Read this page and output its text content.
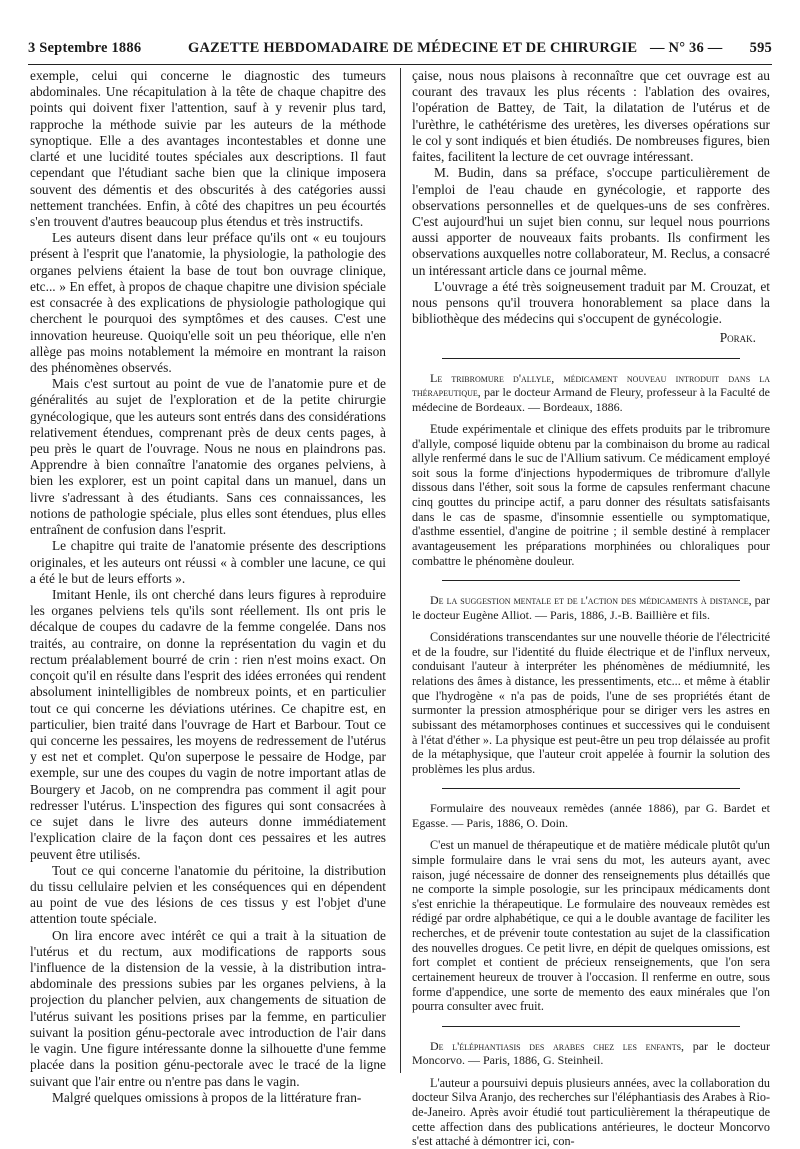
3 Septembre 1886	GAZETTE HEBDOMADAIRE DE MÉDECINE ET DE CHIRURGIE — N° 36 — 595

exemple, celui qui concerne le diagnostic des tumeurs abdominales. Une récapitulation à la tête de chaque chapitre des points qui doivent fixer l'attention, sauf à y revenir plus tard, rapproche la méthode suivie par les auteurs de la méthode synoptique. Elle a des avantages incontestables et donne une clarté et une lucidité toutes spéciales aux descriptions. Il faut cependant que l'étudiant sache bien que la clinique imposera souvent des démentis et des obscurités à des catégories aussi nettement tranchées. Enfin, à côté des chapitres un peu écourtés s'en trouvent d'autres beaucoup plus étendus et très instructifs.

Les auteurs disent dans leur préface qu'ils ont « eu toujours présent à l'esprit que l'anatomie, la physiologie, la pathologie des organes pelviens étaient la base de tout bon ouvrage clinique, etc... » En effet, à propos de chaque chapitre une division spéciale est consacrée à des explications de physiologie pathologique qui cherchent le pourquoi des symptômes et des causes. C'est une innovation heureuse. Quoiqu'elle soit un peu théorique, elle n'en allège pas moins notablement la mémoire en montrant la raison des phénomènes observés.

Mais c'est surtout au point de vue de l'anatomie pure et de généralités au sujet de l'exploration et de la petite chirurgie gynécologique, que les auteurs sont entrés dans des considérations relativement étendues, comprenant près de deux cents pages, à peu près le quart de l'ouvrage. Nous ne nous en plaindrons pas. Apprendre à bien connaître l'anatomie des organes pelviens, à bien les explorer, est un point capital dans un manuel, dans un livre s'adressant à des étudiants. Sans ces connaissances, les notions de pathologie spéciale, plus elles sont étendues, plus elles entraînent de confusion dans l'esprit.

Le chapitre qui traite de l'anatomie présente des descriptions originales, et les auteurs ont réussi « à combler une lacune, ce qui a été le but de leurs efforts ».

Imitant Henle, ils ont cherché dans leurs figures à reproduire les organes pelviens tels qu'ils sont réellement. Ils ont pris le décalque de coupes du cadavre de la femme congelée. Dans nos traités, au contraire, on donne la représentation du vagin et du rectum préalablement bourré de crin : rien n'est moins exact. On conçoit qu'il en résulte dans l'esprit des idées erronées qui rendent absolument inintelligibles de nombreux points, et en particulier tout ce qui concerne les déviations utérines. Ce chapitre est, en particulier, bien traité dans l'ouvrage de Hart et Barbour. Tout ce qui concerne les pessaires, les moyens de redressement de l'utérus y est net et complet. Qu'on superpose le pessaire de Hodge, par exemple, sur une des coupes du vagin de notre important atlas de Bourgery et Jacob, on ne comprendra pas comment il agit pour redresser l'utérus. L'inspection des figures qui sont consacrées à ce sujet dans le livre des auteurs donne immédiatement l'explication claire de la façon dont ces pessaires et les autres peuvent être utilisés.

Tout ce qui concerne l'anatomie du péritoine, la distribution du tissu cellulaire pelvien et les conséquences qui en dépendent au point de vue des lésions de ces tissus y est l'objet d'une attention toute spéciale.

On lira encore avec intérêt ce qui a trait à la situation de l'utérus et du rectum, aux modifications de rapports sous l'influence de la distension de la vessie, à la distribution intra-abdominale des pressions subies par les organes pelviens, à la projection du plancher pelvien, aux changements de situation de l'utérus suivant les positions prises par la femme, en particulier suivant la position génu-pectorale avec introduction de l'air dans le vagin. Une figure intéressante donne la silhouette d'une femme placée dans la position génu-pectorale avec le tracé de la ligne suivant que l'air entre ou n'entre pas dans le vagin.

Malgré quelques omissions à propos de la littérature fran-

çaise, nous nous plaisons à reconnaître que cet ouvrage est au courant des travaux les plus récents : l'ablation des ovaires, l'opération de Battey, de Tait, la dilatation de l'utérus et de l'urèthre, le cathétérisme des uretères, les diverses opérations sur le col y sont indiqués et bien étudiés. De nombreuses figures, bien faites, facilitent la lecture de cet ouvrage intéressant.

M. Budin, dans sa préface, s'occupe particulièrement de l'emploi de l'eau chaude en gynécologie, et rapporte des observations personnelles et de quelques-uns de ses confrères. C'est aujourd'hui un sujet bien connu, sur lequel nous pourrions aussi apporter de nouveaux faits probants. Ils confirment les observations auxquelles notre collaborateur, M. Reclus, a consacré un intéressant article dans ce journal même.

L'ouvrage a été très soigneusement traduit par M. Crouzat, et nous pensons qu'il trouvera honorablement sa place dans la bibliothèque des médecins qui s'occupent de gynécologie.

Porak.

Le tribromure d'allyle, médicament nouveau introduit dans la thérapeutique, par le docteur Armand de Fleury, professeur à la Faculté de médecine de Bordeaux. — Bordeaux, 1886.

Etude expérimentale et clinique des effets produits par le tribromure d'allyle, composé liquide obtenu par la combinaison du brome au radical allyle renfermé dans le suc de l'Allium sativum. Ce médicament employé soit sous la forme d'injections hypodermiques de tribromure d'allyle dissous dans l'éther, soit sous la forme de capsules renfermant chacune cinq gouttes du principe actif, a paru donner des résultats satisfaisants dans le cas de spasme, d'insomnie essentielle ou symptomatique, d'asthme essentiel, d'angine de poitrine ; il semble destiné à remplacer avantageusement les préparations morphinées ou chloraliques pour combattre le phénomène douleur.

De la suggestion mentale et de l'action des médicaments à distance, par le docteur Eugène Alliot. — Paris, 1886, J.-B. Baillière et fils.

Considérations transcendantes sur une nouvelle théorie de l'électricité et de la foudre, sur l'identité du fluide électrique et de l'influx nerveux, conduisant l'auteur à interpréter les phénomènes de médiumnité, les relations des âmes à distance, les pressentiments, etc... et même à établir que l'hydrogène « n'a pas de poids, l'une de ses propriétés étant de surmonter la pression atmosphérique pour se diriger vers les astres en subissant des métamorphoses continues et successives qui le conduisent à l'état d'éther ». La physique est peut-être un peu trop délaissée au profit de la métaphysique, que l'auteur croit appelée à fournir la solution des problèmes les plus ardus.

Formulaire des nouveaux remèdes (année 1886), par G. Bardet et Egasse. — Paris, 1886, O. Doin.

C'est un manuel de thérapeutique et de matière médicale plutôt qu'un simple formulaire dans le vrai sens du mot, les auteurs ayant, avec raison, jugé nécessaire de donner des renseignements plus détaillés que ne comporte la simple posologie, sur les principaux médicaments dont s'est enrichie la thérapeutique. Le formulaire des nouveaux remèdes est rédigé par ordre alphabétique, ce qui a le double avantage de faciliter les recherches, et de prévenir toute contestation au sujet de la classification des nouvelles drogues. Ce petit livre, en dépit de quelques omissions, est fort complet et contient de précieux renseignements, que l'on sera certainement heureux de trouver à l'occasion. Il renferme en outre, sous forme d'appendice, une sorte de memento des eaux minérales que l'on pourra consulter avec fruit.

De l'éléphantiasis des arabes chez les enfants, par le docteur Moncorvo. — Paris, 1886, G. Steinheil.

L'auteur a poursuivi depuis plusieurs années, avec la collaboration du docteur Silva Aranjo, des recherches sur l'éléphantiasis des Arabes à Rio-de-Janeiro. Après avoir étudié tout particulièrement la thérapeutique de cette affection dans des publications antérieures, le docteur Moncorvo s'est attaché à démontrer ici, con-
